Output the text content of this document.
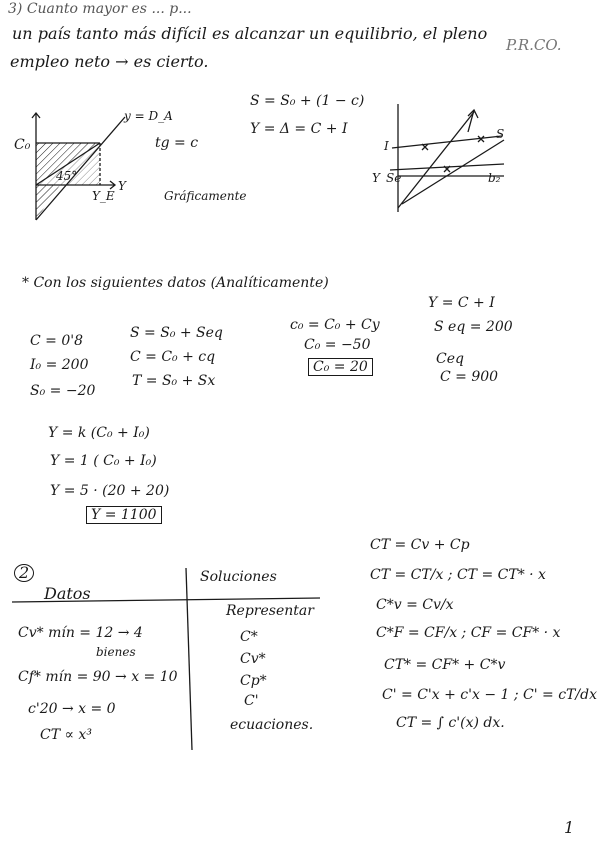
3) Cuanto mayor es ... p...
un país tanto más difícil es alcanzar un equilibrio, el pleno
P.R.CO.
empleo neto → es cierto.
C₀
y = D_A
45°
Y
Y_E
tg = c
S = S₀ + (1 − c)
Y = Δ = C + I
Gráficamente
I
Y Se
S
b₂
* Con los siguientes datos (Analíticamente)
C = 0'8
I₀ = 200
S₀ = −20
S = S₀ + Seq
C = C₀ + cq
T = S₀ + Sx
c₀ = C₀ + Cy
C₀ = −50
C₀ = 20
Y = C + I
S eq = 200
Ceq
C = 900
Y = k (C₀ + I₀)
Y = 1 ( C₀ + I₀)
Y = 5 · (20 + 20)
Y = 1100
2
Datos
Soluciones
Cv* mín = 12 → 4
bienes
Cf* mín = 90 → x = 10
c'20 → x = 0
CT ∝ x³
Representar
C*
Cv*
Cp*
C'
ecuaciones.
CT = Cv + Cp
CT = CT/x ; CT = CT* · x
C*v = Cv/x
C*F = CF/x ; CF = CF* · x
CT* = CF* + C*v
C' = C'x + c'x − 1 ; C' = cT/dx
CT = ∫ c'(x) dx.
1
